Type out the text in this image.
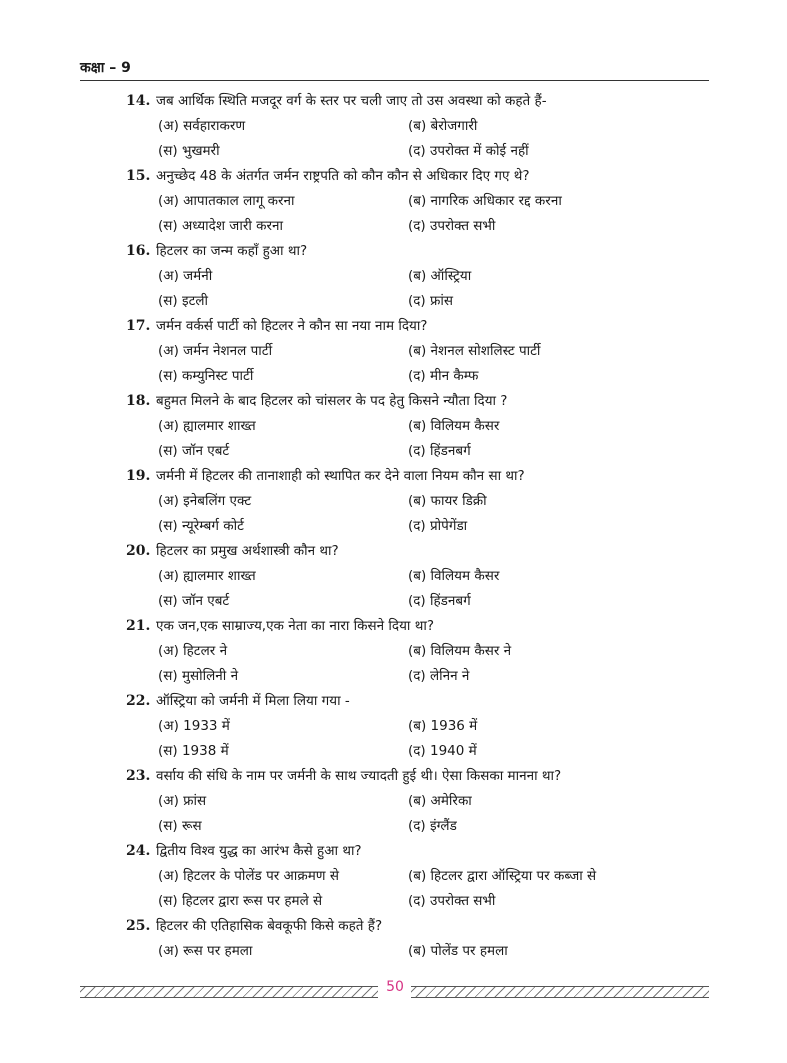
कक्षा – 9
14. जब आर्थिक स्थिति मजदूर वर्ग के स्तर पर चली जाए तो उस अवस्था को कहते हैं-
(अ) सर्वहाराकरण	(ब) बेरोजगारी
(स) भुखमरी	(द) उपरोक्त में कोई नहीं
15. अनुच्छेद 48 के अंतर्गत जर्मन राष्ट्रपति को कौन कौन से अधिकार दिए गए थे?
(अ) आपातकाल लागू करना	(ब) नागरिक अधिकार रद्द करना
(स) अध्यादेश जारी करना	(द) उपरोक्त सभी
16. हिटलर का जन्म कहाँ हुआ था?
(अ) जर्मनी	(ब) ऑस्ट्रिया
(स) इटली	(द) फ्रांस
17. जर्मन वर्कर्स पार्टी को हिटलर ने कौन सा नया नाम दिया?
(अ) जर्मन नेशनल पार्टी	(ब) नेशनल सोशलिस्ट पार्टी
(स) कम्युनिस्ट पार्टी	(द) मीन कैम्फ
18. बहुमत मिलने के बाद हिटलर को चांसलर के पद हेतु किसने न्यौता दिया ?
(अ) ह्यालमार शाख्त	(ब) विलियम कैसर
(स) जॉन एबर्ट	(द) हिंडनबर्ग
19. जर्मनी में हिटलर की तानाशाही को स्थापित कर देने वाला नियम कौन सा था?
(अ) इनेबलिंग एक्ट	(ब) फायर डिक्री
(स) न्यूरेम्बर्ग कोर्ट	(द) प्रोपेगेंडा
20. हिटलर का प्रमुख अर्थशास्त्री कौन था?
(अ) ह्यालमार शाख्त	(ब) विलियम कैसर
(स) जॉन एबर्ट	(द) हिंडनबर्ग
21. एक जन,एक साम्राज्य,एक नेता का नारा किसने दिया था?
(अ) हिटलर ने	(ब) विलियम कैसर ने
(स) मुसोलिनी ने	(द) लेनिन ने
22. ऑस्ट्रिया को जर्मनी में मिला लिया गया -
(अ) 1933 में	(ब) 1936 में
(स) 1938 में	(द) 1940 में
23. वर्साय की संधि के नाम पर जर्मनी के साथ ज्यादती हुई थी। ऐसा किसका मानना था?
(अ) फ्रांस	(ब) अमेरिका
(स) रूस	(द) इंग्लैंड
24. द्वितीय विश्व युद्ध का आरंभ कैसे हुआ था?
(अ) हिटलर के पोलेंड पर आक्रमण से	(ब) हिटलर द्वारा ऑस्ट्रिया पर कब्जा से
(स) हिटलर द्वारा रूस पर हमले से	(द) उपरोक्त सभी
25. हिटलर की एतिहासिक बेवकूफी किसे कहते हैं?
(अ) रूस पर हमला	(ब) पोलेंड पर हमला
50
